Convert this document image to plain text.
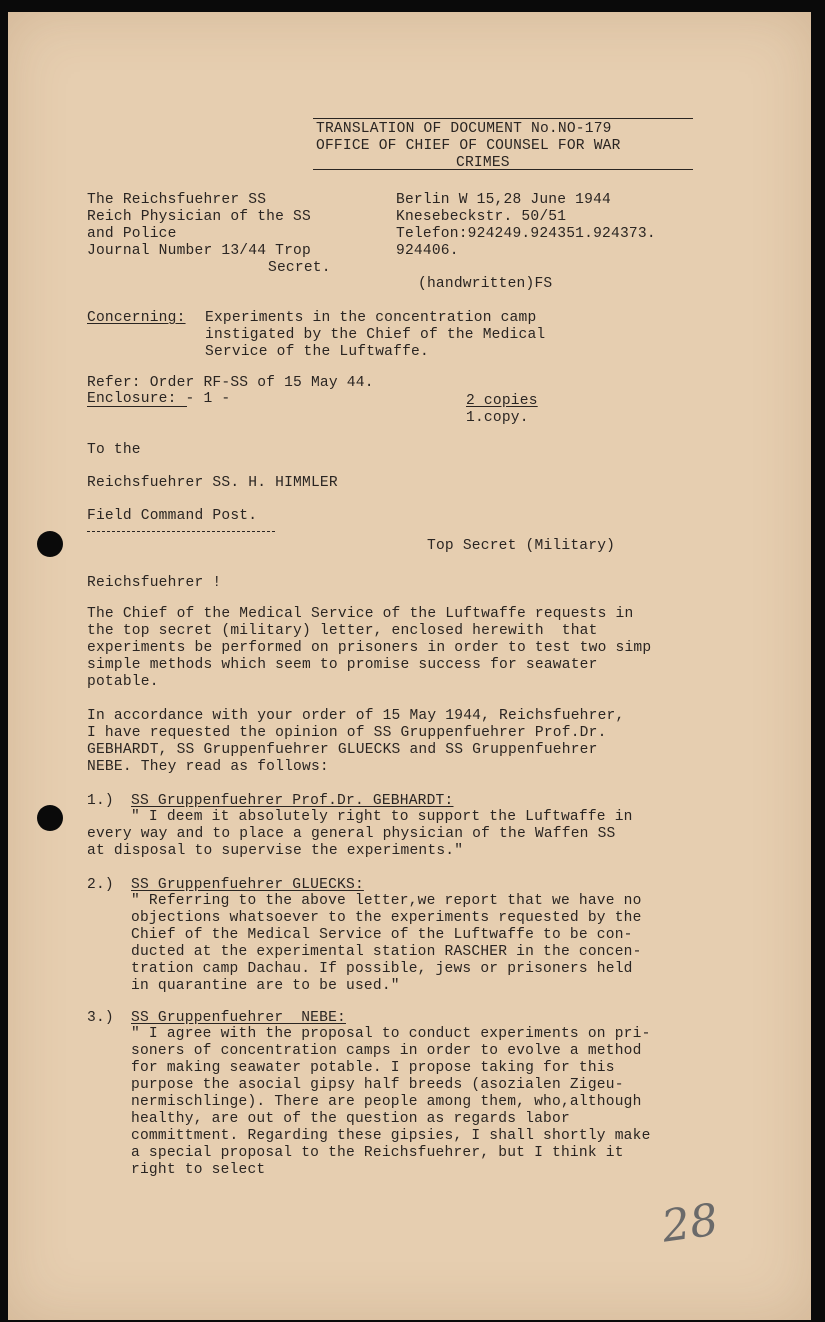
TRANSLATION OF DOCUMENT No.NO-179

OFFICE OF CHIEF OF COUNSEL FOR WAR

CRIMES

The Reichsfuehrer SS

Reich Physician of the SS

and Police

Journal Number 13/44 Trop

Secret.

Berlin W 15,28 June 1944

Knesebeckstr. 50/51

Telefon:924249.924351.924373.

924406.

(handwritten)FS

Concerning: Experiments in the concentration camp

instigated by the Chief of the Medical

Service of the Luftwaffe.

Refer: Order RF-SS of 15 May 44.

Enclosure: - 1 -	2 copies

1.copy.

To the

Reichsfuehrer SS. H. HIMMLER

Field Command Post.

Top Secret (Military)

Reichsfuehrer !

The Chief of the Medical Service of the Luftwaffe requests in

the top secret (military) letter, enclosed herewith  that

experiments be performed on prisoners in order to test two simp

simple methods which seem to promise success for seawater

potable.

In accordance with your order of 15 May 1944, Reichsfuehrer,

I have requested the opinion of SS Gruppenfuehrer Prof.Dr.

GEBHARDT, SS Gruppenfuehrer GLUECKS and SS Gruppenfuehrer

NEBE. They read as follows:

1.) SS Gruppenfuehrer Prof.Dr. GEBHARDT:

" I deem it absolutely right to support the Luftwaffe in

every way and to place a general physician of the Waffen SS

at disposal to supervise the experiments."

2.) SS Gruppenfuehrer GLUECKS:

" Referring to the above letter,we report that we have no

objections whatsoever to the experiments requested by the

Chief of the Medical Service of the Luftwaffe to be con-

ducted at the experimental station RASCHER in the concen-

tration camp Dachau. If possible, jews or prisoners held

in quarantine are to be used."

3.) SS Gruppenfuehrer  NEBE:

" I agree with the proposal to conduct experiments on pri-

soners of concentration camps in order to evolve a method

for making seawater potable. I propose taking for this

purpose the asocial gipsy half breeds (asozialen Zigeu-

nermischlinge). There are people among them, who,although

healthy, are out of the question as regards labor

committment. Regarding these gipsies, I shall shortly make

a special proposal to the Reichsfuehrer, but I think it

right to select

28
